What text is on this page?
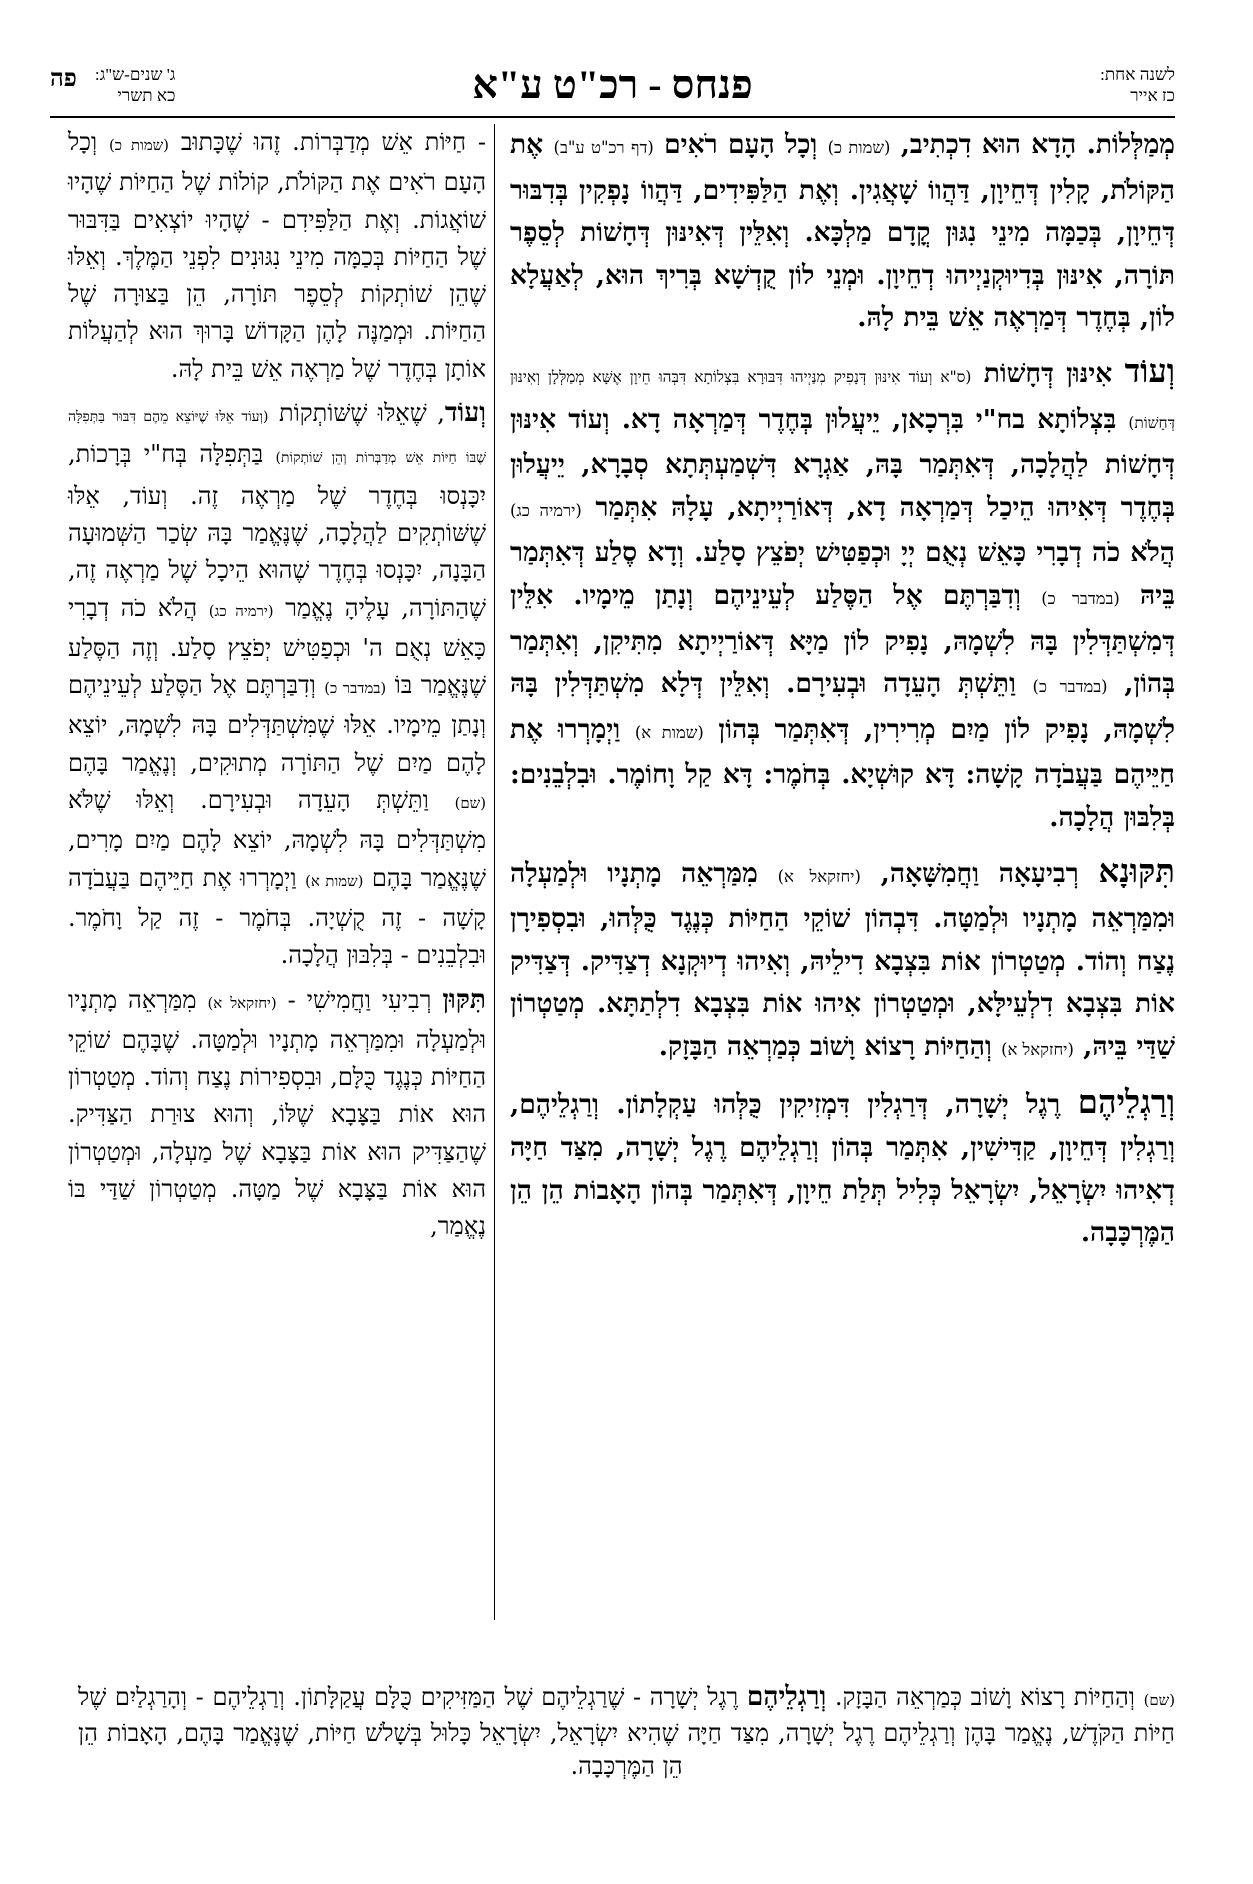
לשנה אחת:
כז אייר
פנחס - רכ"ט ע"א
ג' שנים-ש"ג:
כא תשרי
פה

מְמַלְּלוֹת. הָדָא הוּא דִכְתִיב, (שמות כ) וְכָל הָעָם רֹאִים (דף רכ"ט ע"ב) אֶת הַקּוֹלֹת, קָלִין דְּחֵיוָן, דַּהֲווֹ שָׁאֲגִין. וְאֶת הַלַּפִּידִים, דַּהֲווֹ נָפְקִין בְּדִבּוּר דְּחֵיוָן, בְּכַמָּה מִינֵי נִגּוּן קֳדָם מַלְכָּא. וְאִלֵּין דְּאִינּוּן דְּחָשׁוֹת לְסֵפֶר תּוֹרָה, אִינּוּן בְּדִיוּקְנַיְיהוּ דְחֵיוָן. וּמְנֵי לוֹן קֻדְשָׁא בְּרִיךְ הוּא, לְאַעֲלָא לוֹן, בְּחֶדֶר דְּמַרְאֶה אֵשׁ בֵּית לָהּ.

וְעוֹד אִינּוּן דְּחָשׁוֹת (ס"א וְעוֹד אִינּוּן דְּנָפִיק מִנַּיְיהוּ דִּבּוּרָא בִּצְלוֹתָא דִּבְּהוּ חֵיוָן אֶשָּׁא מְמַלְּלָן וְאִינּוּן דְּחָשׁוֹת) בִּצְלוֹתָא בח"י בִּרְכָאן, יֵיעֲלוּן בְּחֶדֶר דְּמַרְאָה דָא. וְעוֹד אִינּוּן דְּחָשׁוֹת לַהֲלָכָה, דְּאִתְּמַר בָּהּ, אַגְרָא דִּשְׁמַעְתְּתָא סְבָרָא, יֵיעֲלוּן בְּחֶדֶר דְּאִיהוּ הֵיכַל דְּמַרְאָה דָא, דְּאוֹרַיְיתָא, עָלָהּ אִתְּמַר (ירמיה כג) הֲלֹא כֹה דְבָרִי כָּאֵשׁ נְאֻם יְיָ וּכְפַטִּישׁ יְפֹצֵץ סָלַע. וְדָא סֶלַע דְּאִתְּמַר בֵּיהּ (במדבר כ) וְדִבַּרְתֶּם אֶל הַסֶּלַע לְעֵינֵיהֶם וְנָתַן מֵימָיו. אִלֵּין דְּמִשְׁתַּדְּלִין בָּהּ לִשְׁמָהּ, נָפִיק לוֹן מַיָּא דְּאוֹרַיְיתָא מִתִּיקִן, וְאִתְּמַר בְּהוֹן, (במדבר כ) וַתֵּשְׁתְּ הָעֵדָה וּבְעִירָם. וְאִלֵּין דְּלָא מִשְׁתַּדְּלִין בָּהּ לִשְׁמָהּ, נָפִיק לוֹן מַיִם מְרִירִין, דְּאִתְּמַר בְּהוֹן (שמות א) וַיְמָרְרוּ אֶת חַיֵּיהֶם בַּעֲבֹדָה קָשָׁה: דָּא קוּשְׁיָא. בְּחֹמֶר: דָּא קַל וָחוֹמֶר. וּבִלְבֵנִים: בְּלִבּוּן הֲלָכָה.

תִּקּוּנָא רְבִיעָאָה וַחֲמִשָּׁאָה, (יחזקאל א) מִמַּרְאֵה מָתְנָיו וּלְמַעְלָה וּמִמַּרְאֵה מָתְנָיו וּלְמַטָּה. דִּבְהוֹן שׁוֹקֵי הַחַיּוֹת כְּנֶגֶד כֻּלְּהוּ, וּבִסְפִירָן נֶצַח וְהוֹד. מְטַטְרוֹן אוֹת בִּצְבָא דִילֵיהּ, וְאִיהוּ דְיוּקְנָא דְצַדִּיק. דְּצַדִּיק אוֹת בִּצְבָא דִלְעֵילָּא, וּמְטַטְרוֹן אִיהוּ אוֹת בִּצְבָא דִלְתַתָּא. מְטַטְרוֹן שַׁדַּי בֵּיהּ, (יחזקאל א) וְהַחַיּוֹת רָצוֹא וָשׁוֹב כְּמַרְאֵה הַבָּזָק.

וְרַגְלֵיהֶם רֶגֶל יְשָׁרָה, דְּרַגְלִין דִּמְזִיקִין כֻּלְּהוּ עַקְלָתוֹן. וְרַגְלֵיהֶם, וְרַגְלִין דְּחֵיוָן, קַדִּישִׁין, אִתְּמַר בְּהוֹן וְרַגְלֵיהֶם רֶגֶל יְשָׁרָה, מִצַּד חַיָּה דְאִיהוּ יִשְׂרָאֵל, יִשְׂרָאֵל כְּלִיל תְּלַת חֵיוָן, דְּאִתְּמַר בְּהוֹן הָאָבוֹת הֵן הֵן הַמֶּרְכָּבָה.

- חַיּוֹת אֵשׁ מְדַבְּרוֹת. זֶהוּ שֶׁכָּתוּב (שמות כ) וְכָל הָעָם רֹאִים אֶת הַקּוֹלֹת, קוֹלוֹת שֶׁל הַחַיּוֹת שֶׁהָיוּ שׁוֹאֲגוֹת. וְאֶת הַלַּפִּידִם - שֶׁהָיוּ יוֹצְאִים בַּדִּבּוּר שֶׁל הַחַיּוֹת בְּכַמָּה מִינֵי נִגּוּנִים לִפְנֵי הַמֶּלֶךְ. וְאֵלּוּ שֶׁהֵן שׁוֹתְקוֹת לְסֵפֶר תּוֹרָה, הֵן בַּצּוּרָה שֶׁל הַחַיּוֹת. וּמְמַנֶּה לָהֶן הַקָּדוֹשׁ בָּרוּךְ הוּא לְהַעֲלוֹת אוֹתָן בְּחֶדֶר שֶׁל מַרְאֶה אֵשׁ בֵּית לָהּ.

וְעוֹד, שֶׁאֵלּוּ שֶׁשּׁוֹתְקוֹת (וְעוֹד אֵלּוּ שֶׁיּוֹצֵא מֵהֶם דִּבּוּר בַּתְּפִלָּה שֶׁבּוֹ חַיּוֹת אֵשׁ מְדַבְּרוֹת וְהֵן שׁוֹתְקוֹת) בַּתְּפִלָּה בְּח"י בְּרָכוֹת, יִכָּנְסוּ בְּחֶדֶר שֶׁל מַרְאֶה זֶה. וְעוֹד, אֵלּוּ שֶׁשּׁוֹתְקִים לַהֲלָכָה, שֶׁנֶּאֱמַר בָּהּ שְׂכַר הַשְּׁמוּעָה הַבָּנָה, יִכָּנְסוּ בְּחֶדֶר שֶׁהוּא הֵיכָל שֶׁל מַרְאֶה זֶה, שֶׁהַתּוֹרָה, עָלֶיהָ נֶאֱמַר (ירמיה כג) הֲלֹא כֹה דְבָרִי כָּאֵשׁ נְאֻם ה' וּכְפַטִּישׁ יְפֹצֵץ סָלַע. וְזֶה הַסֶּלַע שֶׁנֶּאֱמַר בּוֹ (במדבר כ) וְדִבַּרְתֶּם אֶל הַסֶּלַע לְעֵינֵיהֶם וְנָתַן מֵימָיו. אֵלּוּ שֶׁמִּשְׁתַּדְּלִים בָּהּ לִשְׁמָהּ, יוֹצֵא לָהֶם מַיִם שֶׁל הַתּוֹרָה מְתוּקִים, וְנֶאֱמַר בָּהֶם (שם) וַתֵּשְׁתְּ הָעֵדָה וּבְעִירָם. וְאֵלּוּ שֶׁלֹּא מִשְׁתַּדְּלִים בָּהּ לִשְׁמָהּ, יוֹצֵא לָהֶם מַיִם מָרִים, שֶׁנֶּאֱמַר בָּהֶם (שמות א) וַיְמָרְרוּ אֶת חַיֵּיהֶם בַּעֲבֹדָה קָשָׁה - זֶה קֻשְׁיָה. בְּחֹמֶר - זֶה קַל וָחֹמֶר. וּבִלְבֵנִים - בְּלִבּוּן הֲלָכָה.

תִּקּוּן רְבִיעִי וַחֲמִישִׁי - (יחזקאל א) מִמַּרְאֵה מָתְנָיו וּלְמַעְלָה וּמִמַּרְאֵה מָתְנָיו וּלְמַטָּה. שֶׁבָּהֶם שׁוֹקֵי הַחַיּוֹת כְּנֶגֶד כֻּלָּם, וּבִסְפִירוֹת נֶצַח וְהוֹד. מְטַטְרוֹן הוּא אוֹת בַּצָּבָא שֶׁלּוֹ, וְהוּא צוּרַת הַצַּדִּיק. שֶׁהַצַּדִּיק הוּא אוֹת בַּצָּבָא שֶׁל מַעְלָה, וּמְטַטְרוֹן הוּא אוֹת בַּצָּבָא שֶׁל מַטָּה. מְטַטְרוֹן שַׁדַּי בּוֹ נֶאֱמַר,

(שם) וְהַחַיּוֹת רָצוֹא וָשׁוֹב כְּמַרְאֵה הַבָּזָק. וְרַגְלֵיהֶם רֶגֶל יְשָׁרָה - שֶׁרַגְלֵיהֶם שֶׁל הַמַּזִּיקִים כֻּלָּם עֲקַלָּתוֹן. וְרַגְלֵיהֶם - וְהָרַגְלַיִם שֶׁל חַיּוֹת הַקֹּדֶשׁ, נֶאֱמַר בָּהֶן וְרַגְלֵיהֶם רֶגֶל יְשָׁרָה, מִצַּד חַיָּה שֶׁהִיא יִשְׂרָאֵל, יִשְׂרָאֵל כָּלוּל בְּשָׁלֹשׁ חַיּוֹת, שֶׁנֶּאֱמַר בָּהֶם, הָאָבוֹת הֵן הֵן הַמֶּרְכָּבָה.
